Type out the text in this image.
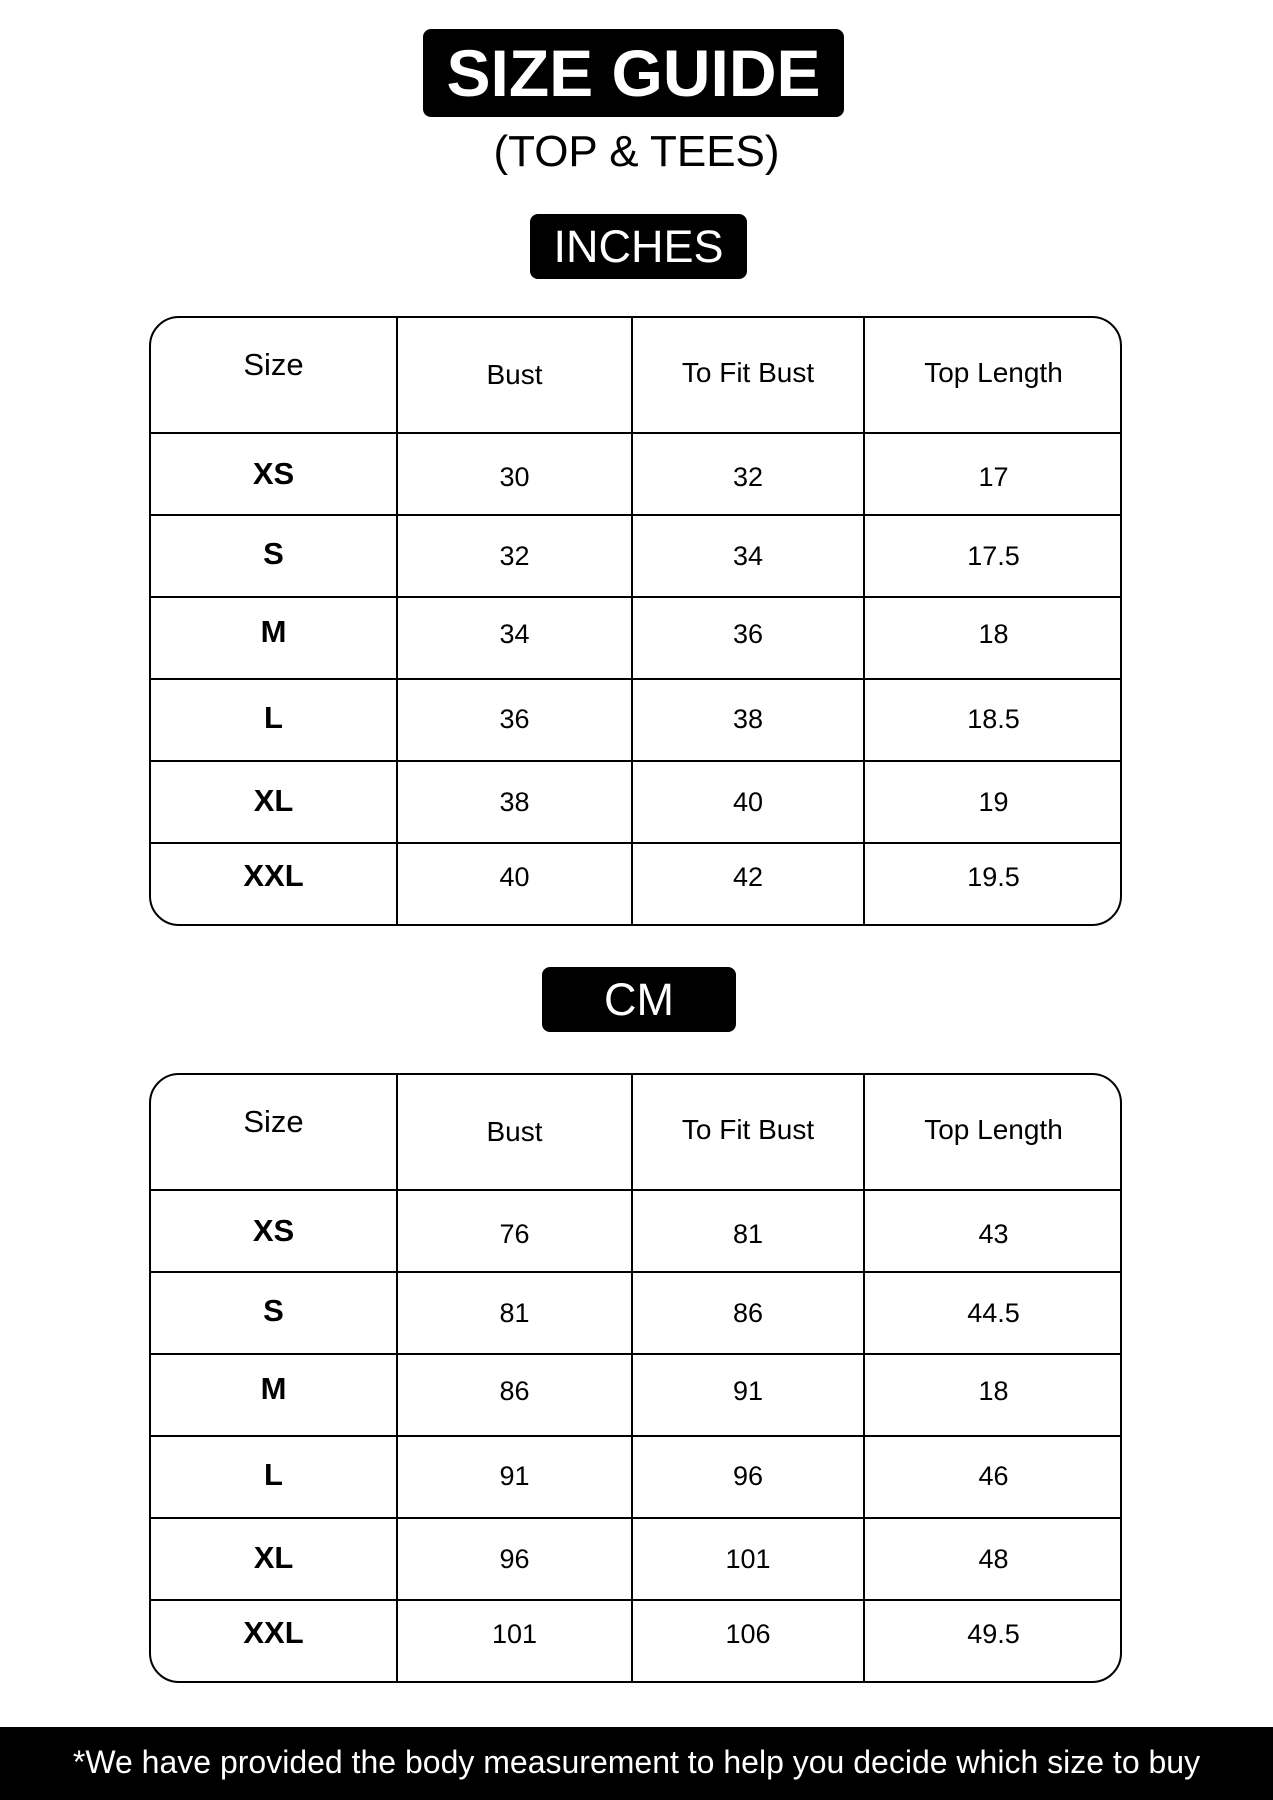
SIZE GUIDE
(TOP & TEES)
INCHES
Size	Bust	To Fit Bust	Top Length
XS	30	32	17
S	32	34	17.5
M	34	36	18
L	36	38	18.5
XL	38	40	19
XXL	40	42	19.5
CM
Size	Bust	To Fit Bust	Top Length
XS	76	81	43
S	81	86	44.5
M	86	91	18
L	91	96	46
XL	96	101	48
XXL	101	106	49.5
*We have provided the body measurement to help you decide which size to buy
